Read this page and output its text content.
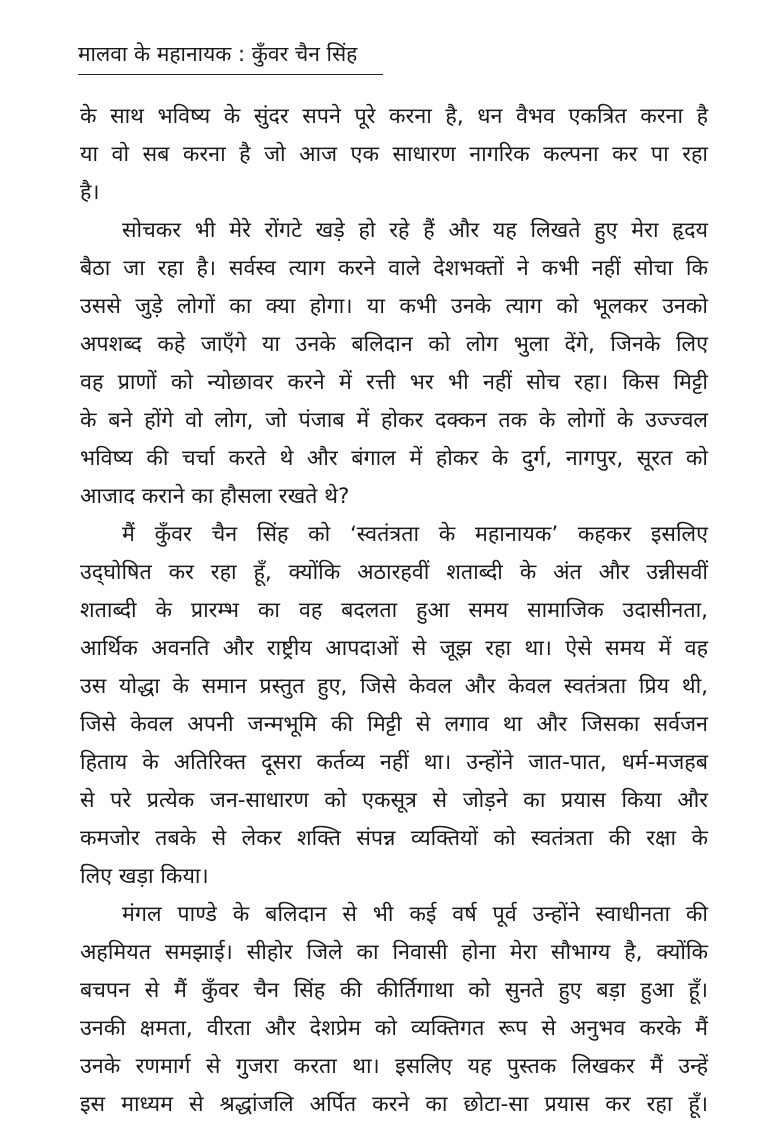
मालवा के महानायक : कुँवर चैन सिंह
के साथ भविष्य के सुंदर सपने पूरे करना है, धन वैभव एकत्रित करना है
या वो सब करना है जो आज एक साधारण नागरिक कल्पना कर पा रहा
है।
सोचकर भी मेरे रोंगटे खड़े हो रहे हैं और यह लिखते हुए मेरा हृदय
बैठा जा रहा है। सर्वस्व त्याग करने वाले देशभक्तों ने कभी नहीं सोचा कि
उससे जुड़े लोगों का क्या होगा। या कभी उनके त्याग को भूलकर उनको
अपशब्द कहे जाएँगे या उनके बलिदान को लोग भुला देंगे, जिनके लिए
वह प्राणों को न्योछावर करने में रत्ती भर भी नहीं सोच रहा। किस मिट्टी
के बने होंगे वो लोग, जो पंजाब में होकर दक्कन तक के लोगों के उज्ज्वल
भविष्य की चर्चा करते थे और बंगाल में होकर के दुर्ग, नागपुर, सूरत को
आजाद कराने का हौसला रखते थे?
मैं कुँवर चैन सिंह को ‘स्वतंत्रता के महानायक’ कहकर इसलिए
उद्‌घोषित कर रहा हूँ, क्योंकि अठारहवीं शताब्दी के अंत और उन्नीसवीं
शताब्दी के प्रारम्भ का वह बदलता हुआ समय सामाजिक उदासीनता,
आर्थिक अवनति और राष्ट्रीय आपदाओं से जूझ रहा था। ऐसे समय में वह
उस योद्धा के समान प्रस्तुत हुए, जिसे केवल और केवल स्वतंत्रता प्रिय थी,
जिसे केवल अपनी जन्मभूमि की मिट्टी से लगाव था और जिसका सर्वजन
हिताय के अतिरिक्त दूसरा कर्तव्य नहीं था। उन्होंने जात-पात, धर्म-मजहब
से परे प्रत्येक जन-साधारण को एकसूत्र से जोड़ने का प्रयास किया और
कमजोर तबके से लेकर शक्ति संपन्न व्यक्तियों को स्वतंत्रता की रक्षा के
लिए खड़ा किया।
मंगल पाण्डे के बलिदान से भी कई वर्ष पूर्व उन्होंने स्वाधीनता की
अहमियत समझाई। सीहोर जिले का निवासी होना मेरा सौभाग्य है, क्योंकि
बचपन से मैं कुँवर चैन सिंह की कीर्तिगाथा को सुनते हुए बड़ा हुआ हूँ।
उनकी क्षमता, वीरता और देशप्रेम को व्यक्तिगत रूप से अनुभव करके मैं
उनके रणमार्ग से गुजरा करता था। इसलिए यह पुस्तक लिखकर मैं उन्हें
इस माध्यम से श्रद्धांजलि अर्पित करने का छोटा-सा प्रयास कर रहा हूँ।
